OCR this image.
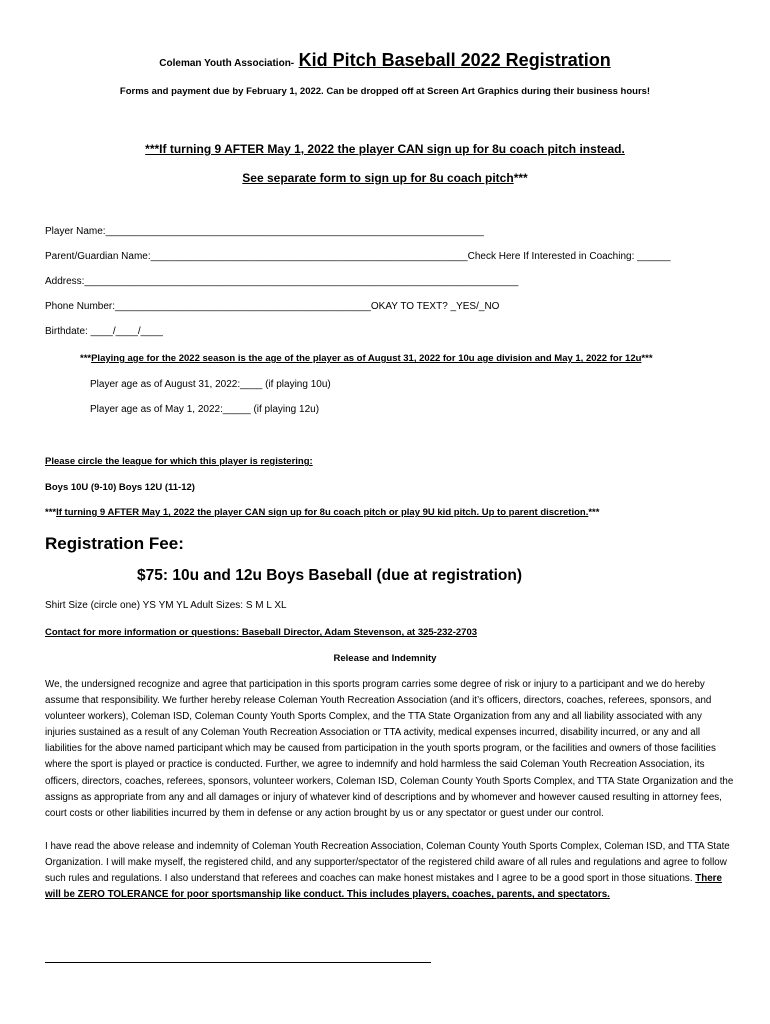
Coleman Youth Association- Kid Pitch Baseball 2022 Registration
Forms and payment due by February 1, 2022. Can be dropped off at Screen Art Graphics during their business hours!
***If turning 9 AFTER May 1, 2022 the player CAN sign up for 8u coach pitch instead.
See separate form to sign up for 8u coach pitch***
Player Name:____________________________________________________________________
Parent/Guardian Name:_________________________________________________________Check Here If Interested in Coaching: ______
Address:______________________________________________________________________________
Phone Number:______________________________________________OKAY TO TEXT? _YES/_NO
Birthdate: ____/____/____
***Playing age for the 2022 season is the age of the player as of August 31, 2022 for 10u age division and May 1, 2022 for 12u***
Player age as of August 31, 2022:____ (if playing 10u)
Player age as of May 1, 2022:_____ (if playing 12u)
Please circle the league for which this player is registering:
Boys 10U (9-10) Boys 12U (11-12)
***If turning 9 AFTER May 1, 2022 the player CAN sign up for 8u coach pitch or play 9U kid pitch. Up to parent discretion.***
Registration Fee:
$75: 10u and 12u Boys Baseball (due at registration)
Shirt Size (circle one) YS YM YL Adult Sizes: S M L XL
Contact for more information or questions: Baseball Director, Adam Stevenson, at 325-232-2703
Release and Indemnity

We, the undersigned recognize and agree that participation in this sports program carries some degree of risk or injury to a participant and we do hereby assume that responsibility. We further hereby release Coleman Youth Recreation Association (and it’s officers, directors, coaches, referees, sponsors, and volunteer workers), Coleman ISD, Coleman County Youth Sports Complex, and the TTA State Organization from any and all liability associated with any injuries sustained as a result of any Coleman Youth Recreation Association or TTA activity, medical expenses incurred, disability incurred, or any and all liabilities for the above named participant which may be caused from participation in the youth sports program, or the facilities and owners of those facilities where the sport is played or practice is conducted. Further, we agree to indemnify and hold harmless the said Coleman Youth Recreation Association, its officers, directors, coaches, referees, sponsors, volunteer workers, Coleman ISD, Coleman County Youth Sports Complex, and TTA State Organization and the assigns as appropriate from any and all damages or injury of whatever kind of descriptions and by whomever and however caused resulting in attorney fees, court costs or other liabilities incurred by them in defense or any action brought by us or any spectator or guest under our control.

I have read the above release and indemnity of Coleman Youth Recreation Association, Coleman County Youth Sports Complex, Coleman ISD, and TTA State Organization. I will make myself, the registered child, and any supporter/spectator of the registered child aware of all rules and regulations and agree to follow such rules and regulations. I also understand that referees and coaches can make honest mistakes and I agree to be a good sport in those situations. There will be ZERO TOLERANCE for poor sportsmanship like conduct. This includes players, coaches, parents, and spectators.
